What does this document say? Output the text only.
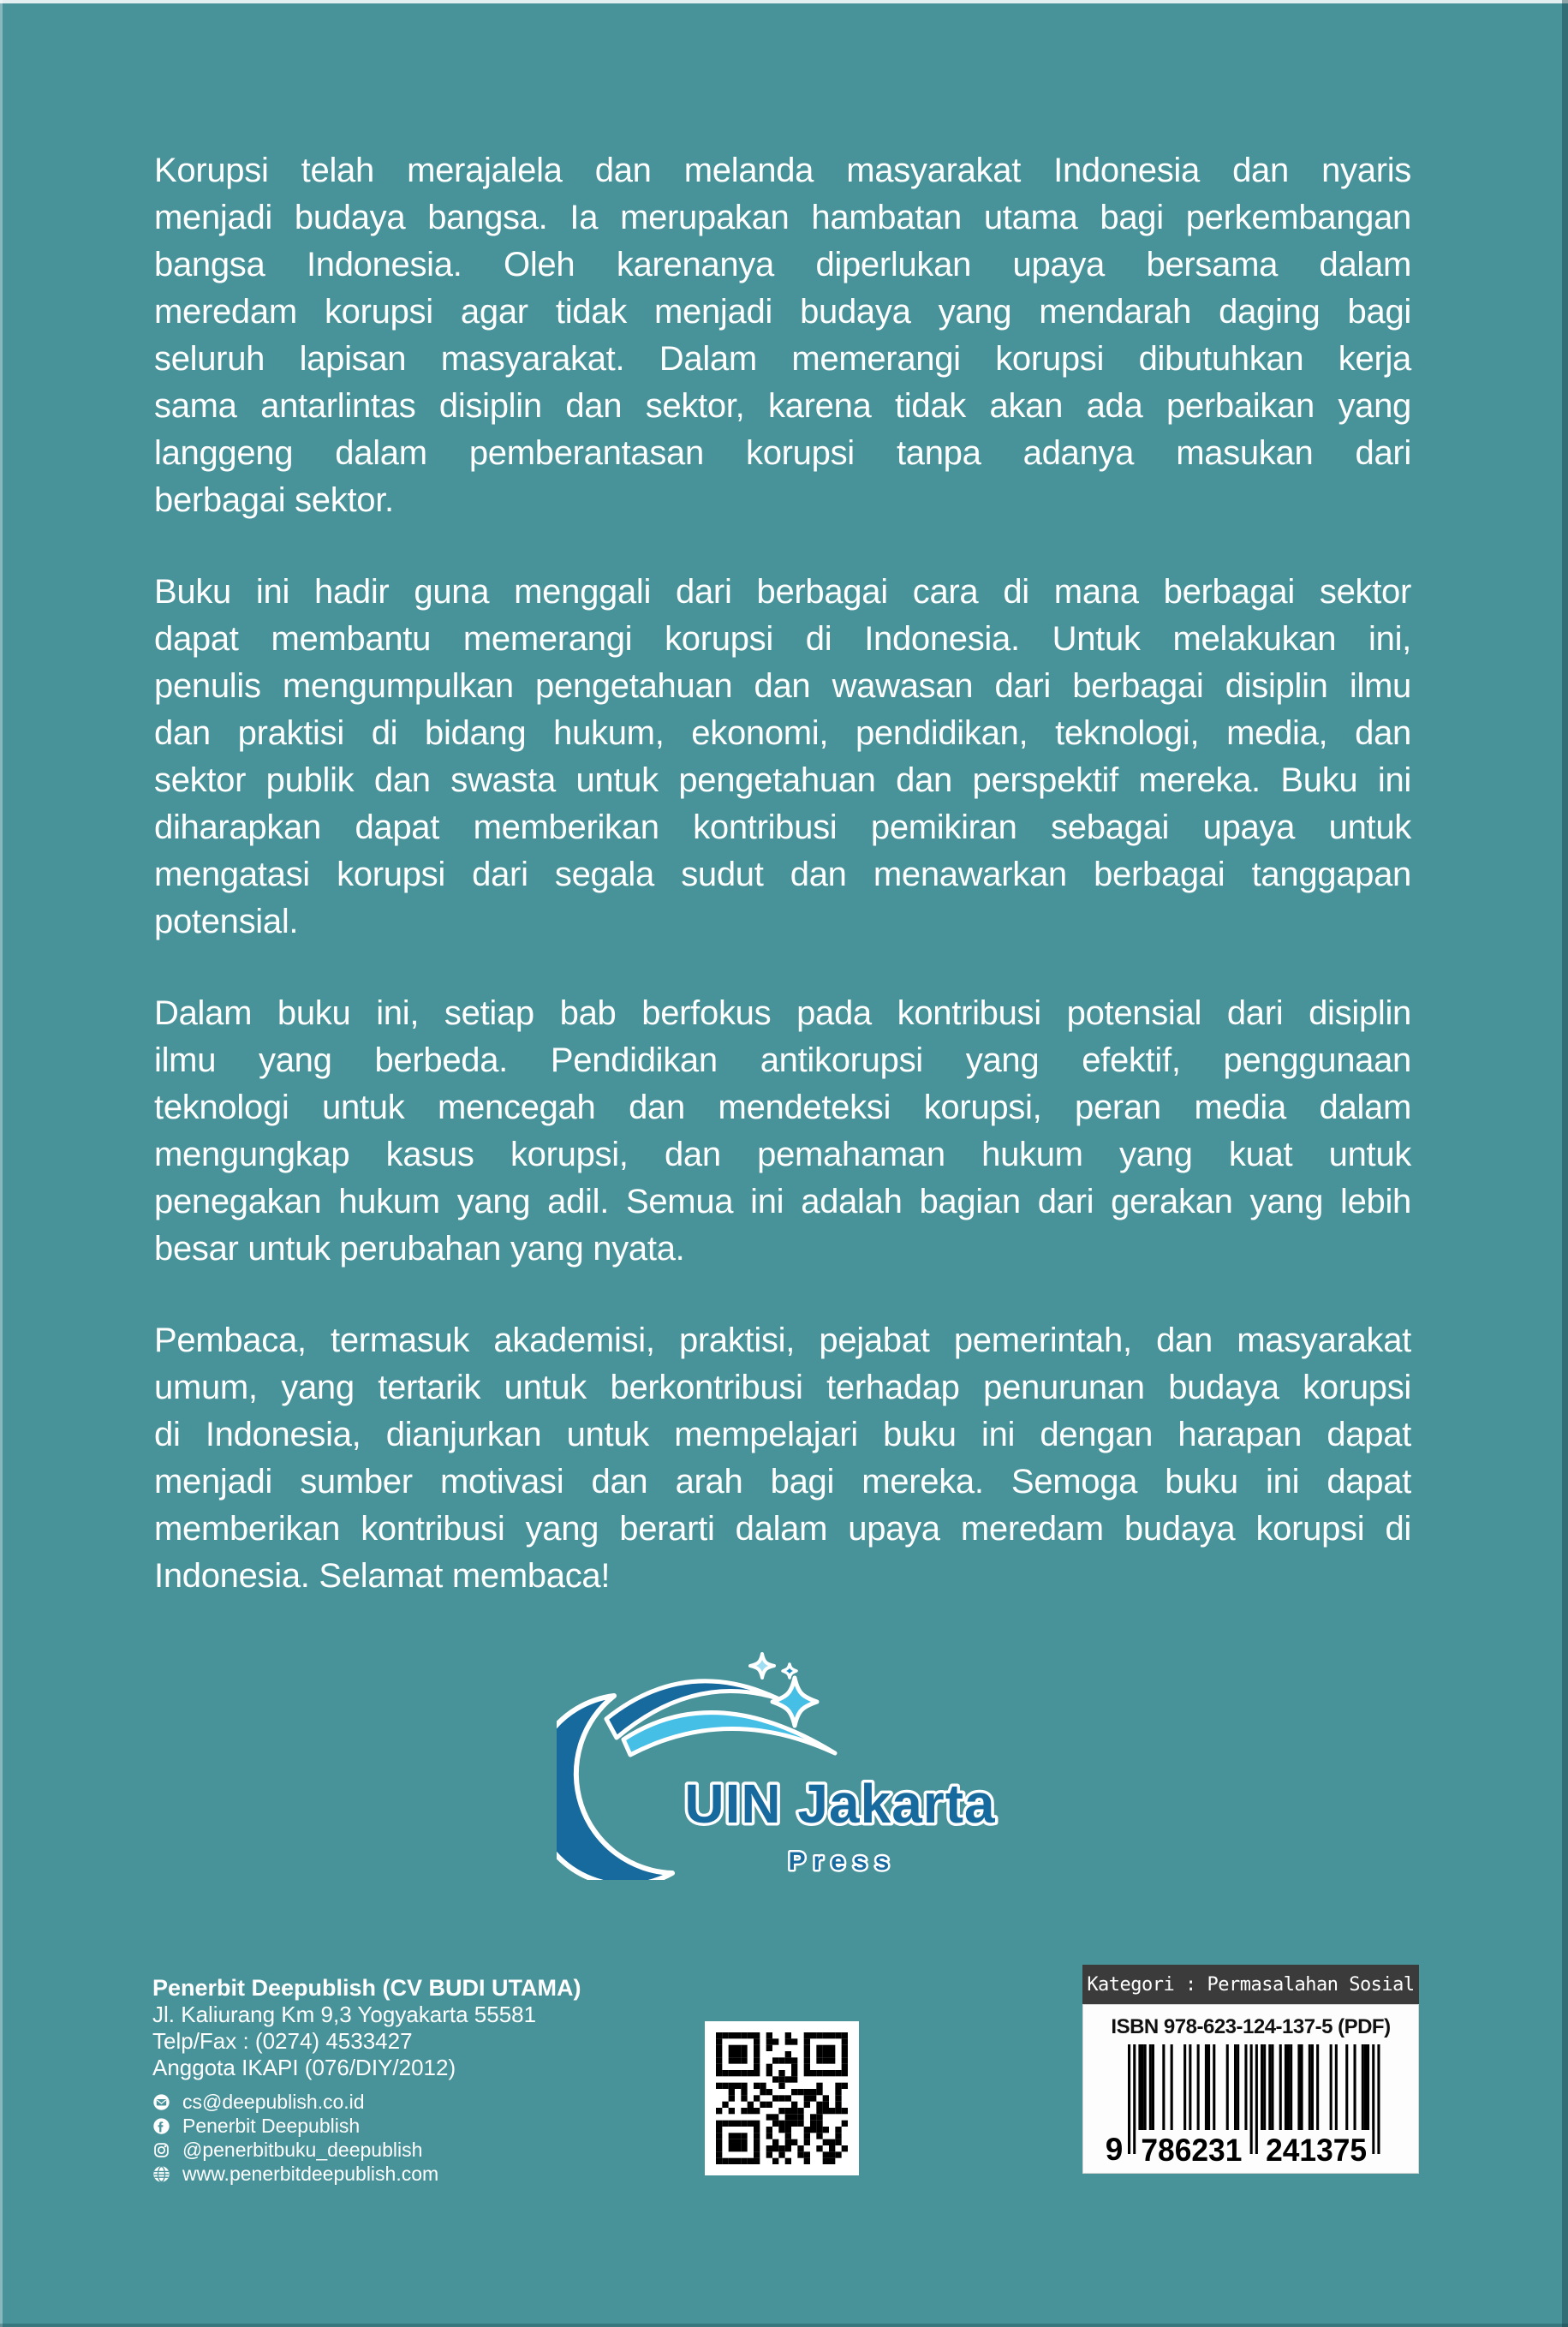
Korupsi telah merajalela dan melanda masyarakat Indonesia dan nyaris
menjadi budaya bangsa. Ia merupakan hambatan utama bagi perkembangan
bangsa Indonesia. Oleh karenanya diperlukan upaya bersama dalam
meredam korupsi agar tidak menjadi budaya yang mendarah daging bagi
seluruh lapisan masyarakat. Dalam memerangi korupsi dibutuhkan kerja
sama antarlintas disiplin dan sektor, karena tidak akan ada perbaikan yang
langgeng dalam pemberantasan korupsi tanpa adanya masukan dari
berbagai sektor.
Buku ini hadir guna menggali dari berbagai cara di mana berbagai sektor
dapat membantu memerangi korupsi di Indonesia. Untuk melakukan ini,
penulis mengumpulkan pengetahuan dan wawasan dari berbagai disiplin ilmu
dan praktisi di bidang hukum, ekonomi, pendidikan, teknologi, media, dan
sektor publik dan swasta untuk pengetahuan dan perspektif mereka. Buku ini
diharapkan dapat memberikan kontribusi pemikiran sebagai upaya untuk
mengatasi korupsi dari segala sudut dan menawarkan berbagai tanggapan
potensial.
Dalam buku ini, setiap bab berfokus pada kontribusi potensial dari disiplin
ilmu yang berbeda. Pendidikan antikorupsi yang efektif, penggunaan
teknologi untuk mencegah dan mendeteksi korupsi, peran media dalam
mengungkap kasus korupsi, dan pemahaman hukum yang kuat untuk
penegakan hukum yang adil. Semua ini adalah bagian dari gerakan yang lebih
besar untuk perubahan yang nyata.
Pembaca, termasuk akademisi, praktisi, pejabat pemerintah, dan masyarakat
umum, yang tertarik untuk berkontribusi terhadap penurunan budaya korupsi
di Indonesia, dianjurkan untuk mempelajari buku ini dengan harapan dapat
menjadi sumber motivasi dan arah bagi mereka. Semoga buku ini dapat
memberikan kontribusi yang berarti dalam upaya meredam budaya korupsi di
Indonesia. Selamat membaca!
UIN Jakarta
Press
Penerbit Deepublish (CV BUDI UTAMA)
Jl. Kaliurang Km 9,3 Yogyakarta 55581
Telp/Fax : (0274) 4533427
Anggota IKAPI (076/DIY/2012)
cs@deepublish.co.id
Penerbit Deepublish
@penerbitbuku_deepublish
www.penerbitdeepublish.com
Kategori : Permasalahan Sosial
ISBN 978-623-124-137-5 (PDF)
9 786231 241375
